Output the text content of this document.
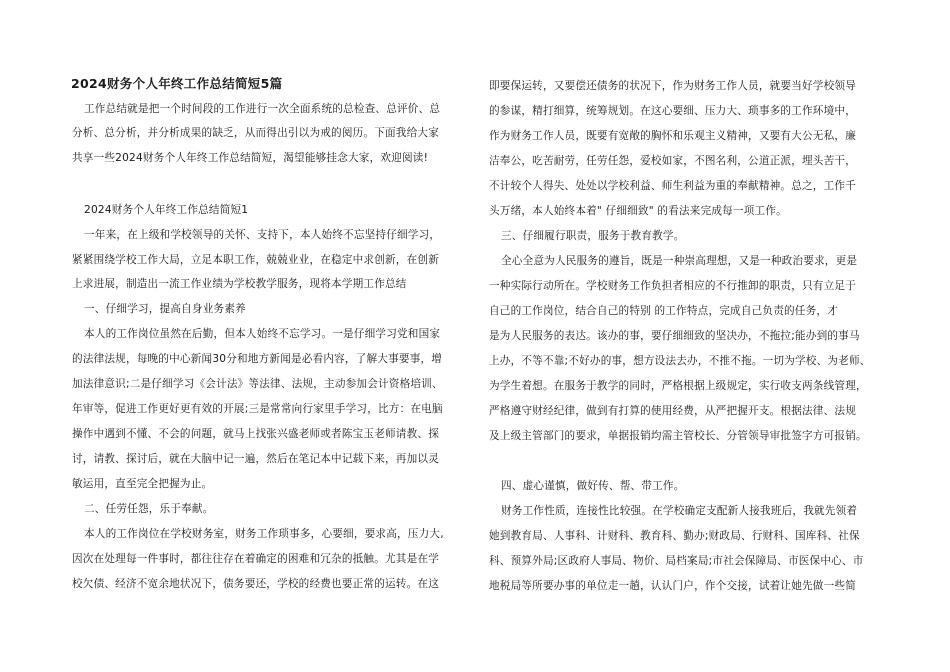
2024财务个人年终工作总结简短5篇
工作总结就是把一个时间段的工作进行一次全面系统的总检查、总评价、总
分析、总分析，并分析成果的缺乏，从而得出引以为戒的阅历。下面我给大家
共享一些2024财务个人年终工作总结简短，渴望能够挂念大家，欢迎阅读!
2024财务个人年终工作总结简短1
一年来，在上级和学校领导的关怀、支持下，本人始终不忘坚持仔细学习，
紧紧围绕学校工作大局，立足本职工作，兢兢业业，在稳定中求创新，在创新
上求进展，制造出一流工作业绩为学校教学服务，现将本学期工作总结
一、仔细学习，提高自身业务素养
本人的工作岗位虽然在后勤，但本人始终不忘学习。一是仔细学习党和国家
的法律法规，每晚的中心新闻30分和地方新闻是必看内容，了解大事要事，增
加法律意识;二是仔细学习《会计法》等法律、法规，主动参加会计资格培训、
年审等，促进工作更好更有效的开展;三是常常向行家里手学习，比方：在电脑
操作中遇到不懂、不会的问题，就马上找张兴盛老师或者陈宝玉老师请教、探
讨，请教、探讨后，就在大脑中记一遍，然后在笔记本中记载下来，再加以灵
敏运用，直至完全把握为止。
二、任劳任怨，乐于奉献。
本人的工作岗位在学校财务室，财务工作琐事多，心要细，要求高，压力大,
因次在处理每一件事时，都往往存在着确定的困难和冗杂的抵触。尤其是在学
校欠债、经济不宽余地状况下，债务要还，学校的经费也要正常的运转。在这
即要保运转，又要偿还债务的状况下，作为财务工作人员，就要当好学校领导
的参谋，精打细算，统筹规划。在这心要细、压力大、琐事多的工作环境中，
作为财务工作人员，既要有宽敞的胸怀和乐观主义精神，又要有大公无私，廉
洁奉公，吃苦耐劳，任劳任怨，爱校如家，不图名利，公道正派，埋头苦干，
不计较个人得失、处处以学校利益、师生利益为重的奉献精神。总之，工作千
头万绪，本人始终本着" 仔细细致" 的看法来完成每一项工作。
三、仔细履行职责，服务于教育教学。
全心全意为人民服务的遵旨，既是一种崇高理想，又是一种政治要求，更是
一种实际行动所在。学校财务工作负担者相应的不行推卸的职责，只有立足于
自己的工作岗位，结合自己的特别 的工作特点，完成自己负责的任务，才
是为人民服务的表达。该办的事，要仔细细致的坚决办，不拖拉;能办到的事马
上办，不等不靠;不好办的事，想方设法去办，不推不拖。一切为学校、为老师、
为学生着想。在服务于教学的同时，严格根据上级规定，实行收支两条线管理，
严格遵守财经纪律，做到有打算的使用经费，从严把握开支。根据法律、法规
及上级主管部门的要求，单据报销均需主管校长、分管领导审批签字方可报销。
四、虚心谨慎，做好传、帮、带工作。
财务工作性质，连接性比较强。在学校确定支配新人接我班后，我就先领着
她到教育局、人事科、计财科、教育科、勤办;财政局、行财科、国库科、社保
科、预算外局;区政府人事局、物价、局档案局;市社会保障局、市医保中心、市
地税局等所要办事的单位走一趟，认认门户，作个交接，试着让她先做一些简
